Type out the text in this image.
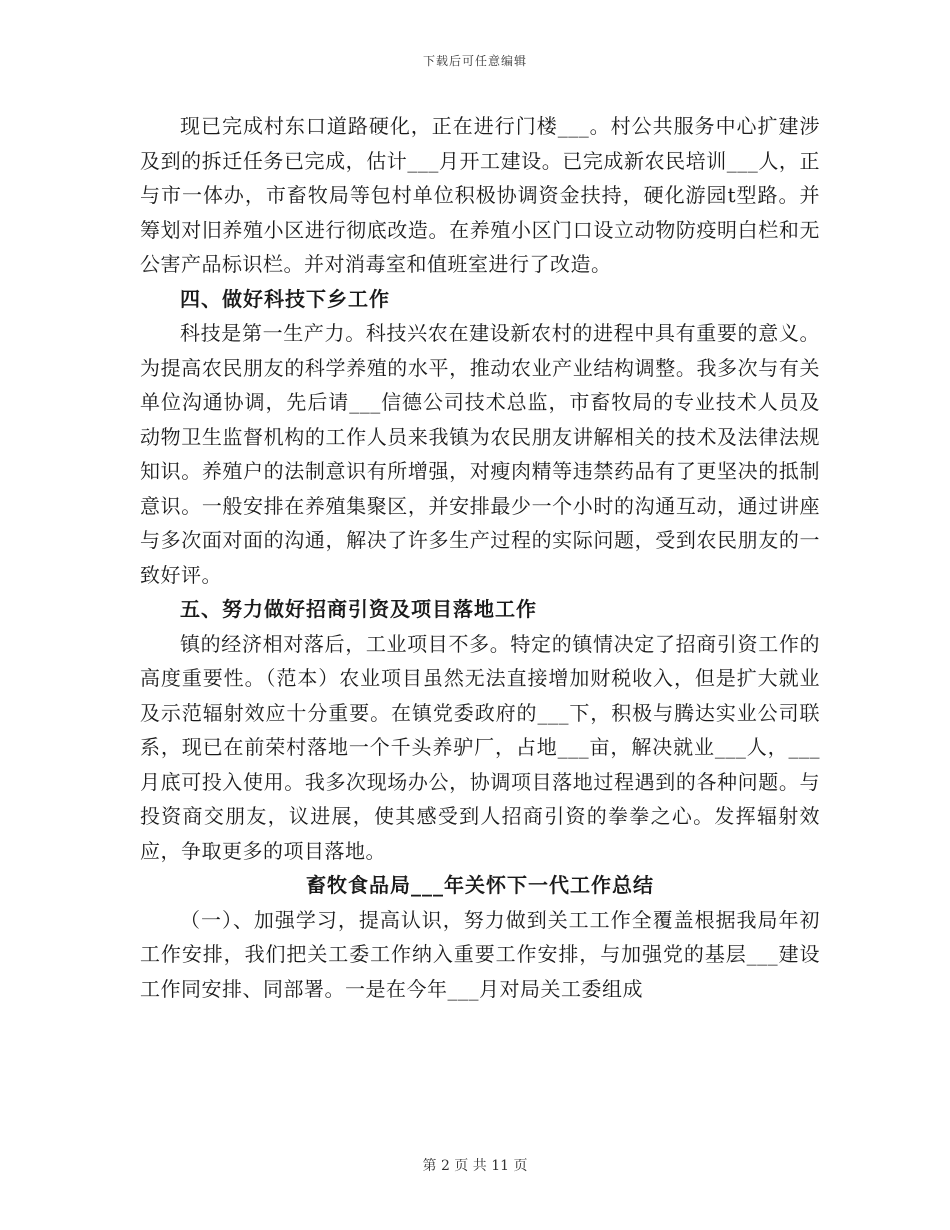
下载后可任意编辑

现已完成村东口道路硬化，正在进行门楼___。村公共服务中心扩建涉及到的拆迁任务已完成，估计___月开工建设。已完成新农民培训___人，正与市一体办，市畜牧局等包村单位积极协调资金扶持，硬化游园t型路。并筹划对旧养殖小区进行彻底改造。在养殖小区门口设立动物防疫明白栏和无公害产品标识栏。并对消毒室和值班室进行了改造。

四、做好科技下乡工作

科技是第一生产力。科技兴农在建设新农村的进程中具有重要的意义。为提高农民朋友的科学养殖的水平，推动农业产业结构调整。我多次与有关单位沟通协调，先后请___信德公司技术总监，市畜牧局的专业技术人员及动物卫生监督机构的工作人员来我镇为农民朋友讲解相关的技术及法律法规知识。养殖户的法制意识有所增强，对瘦肉精等违禁药品有了更坚决的抵制意识。一般安排在养殖集聚区，并安排最少一个小时的沟通互动，通过讲座与多次面对面的沟通，解决了许多生产过程的实际问题，受到农民朋友的一致好评。

五、努力做好招商引资及项目落地工作

镇的经济相对落后，工业项目不多。特定的镇情决定了招商引资工作的高度重要性。（范本）农业项目虽然无法直接增加财税收入，但是扩大就业及示范辐射效应十分重要。在镇党委政府的___下，积极与腾达实业公司联系，现已在前荣村落地一个千头养驴厂，占地___亩，解决就业___人，___月底可投入使用。我多次现场办公，协调项目落地过程遇到的各种问题。与投资商交朋友，议进展，使其感受到人招商引资的拳拳之心。发挥辐射效应，争取更多的项目落地。

畜牧食品局___年关怀下一代工作总结

（一）、加强学习，提高认识，努力做到关工工作全覆盖根据我局年初工作安排，我们把关工委工作纳入重要工作安排，与加强党的基层___建设工作同安排、同部署。一是在今年___月对局关工委组成

第 2 页 共 11 页
